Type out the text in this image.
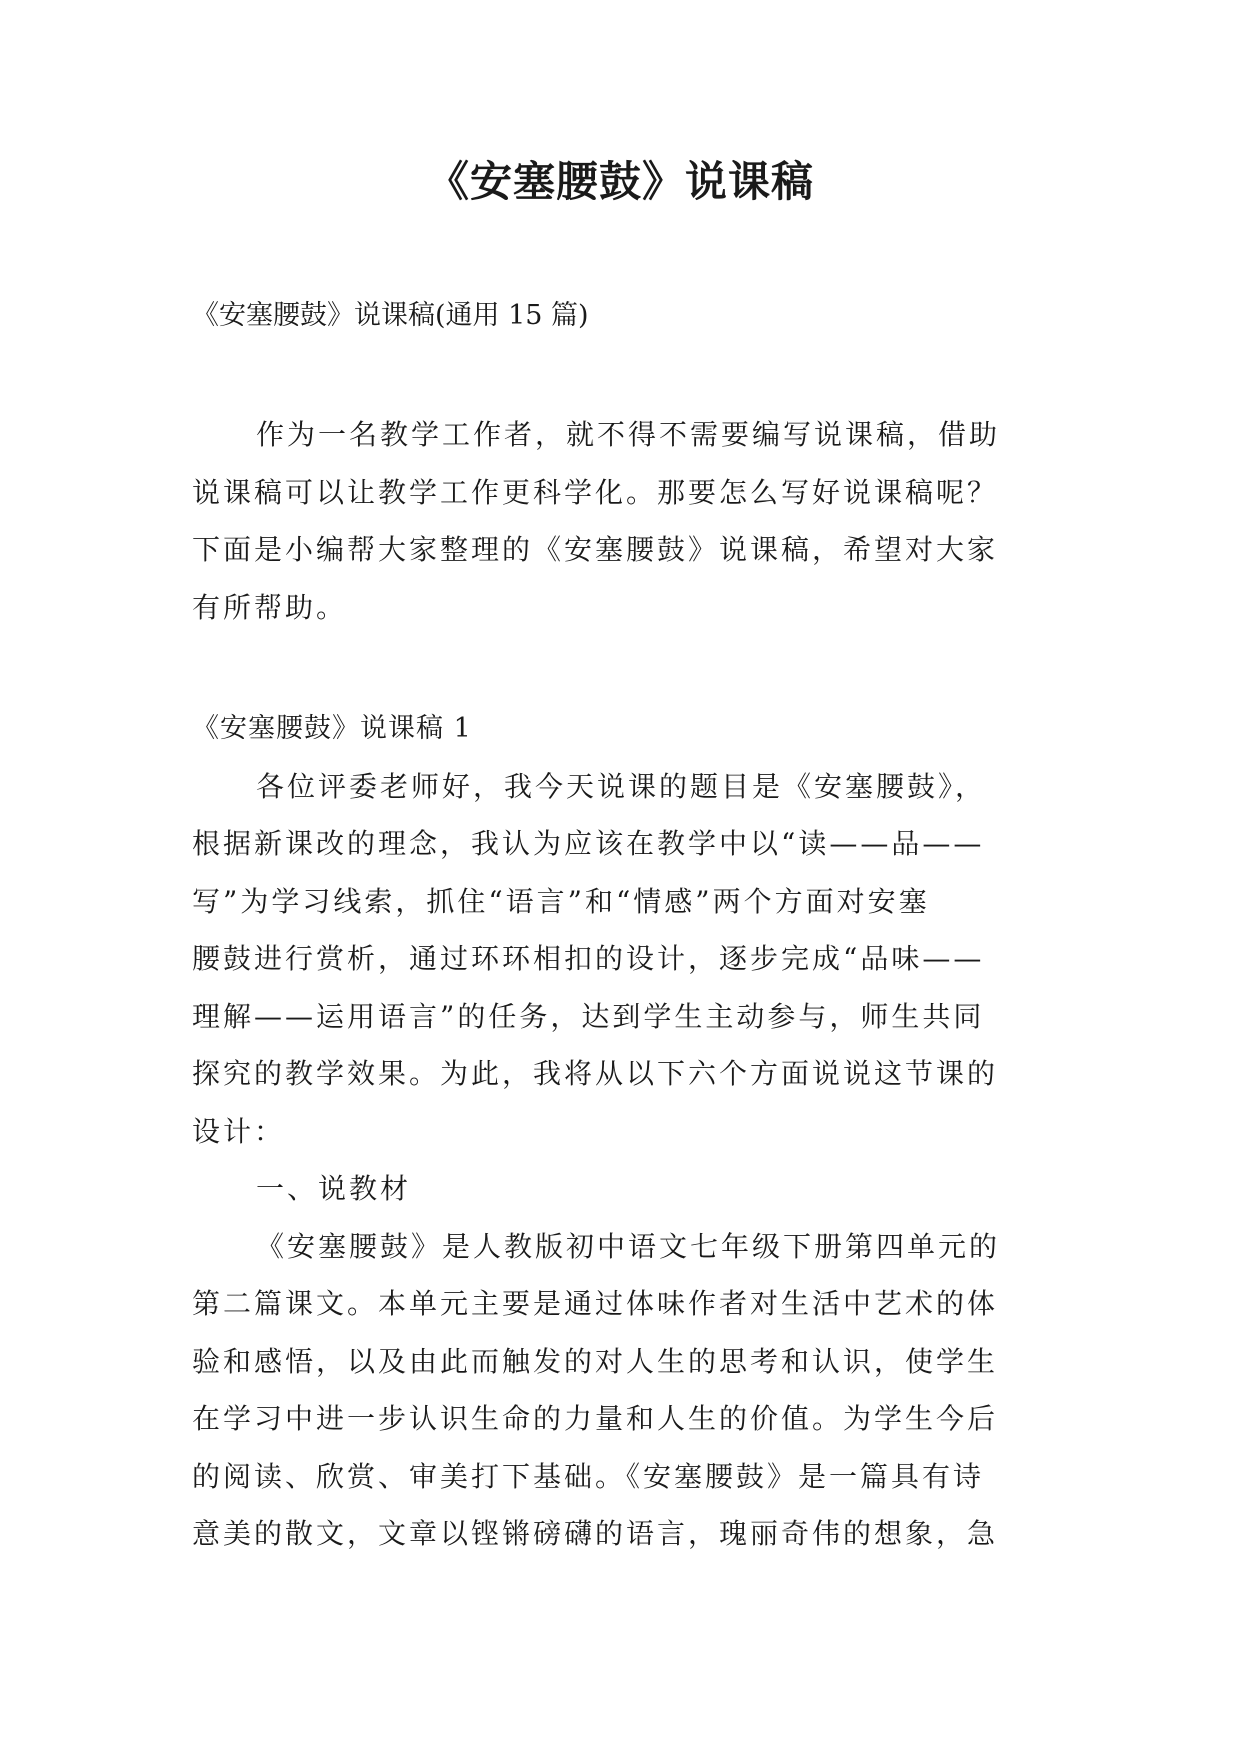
《安塞腰鼓》说课稿

《安塞腰鼓》说课稿(通用 15 篇)

作为一名教学工作者，就不得不需要编写说课稿，借助
说课稿可以让教学工作更科学化。那要怎么写好说课稿呢？
下面是小编帮大家整理的《安塞腰鼓》说课稿，希望对大家
有所帮助。
《安塞腰鼓》说课稿 1
各位评委老师好，我今天说课的题目是《安塞腰鼓》，
根据新课改的理念，我认为应该在教学中以“读——品——
写”为学习线索，抓住“语言”和“情感”两个方面对安塞
腰鼓进行赏析，通过环环相扣的设计，逐步完成“品味——
理解——运用语言”的任务，达到学生主动参与，师生共同
探究的教学效果。为此，我将从以下六个方面说说这节课的
设计：
一、说教材
《安塞腰鼓》是人教版初中语文七年级下册第四单元的
第二篇课文。本单元主要是通过体味作者对生活中艺术的体
验和感悟，以及由此而触发的对人生的思考和认识，使学生
在学习中进一步认识生命的力量和人生的价值。为学生今后
的阅读、欣赏、审美打下基础。《安塞腰鼓》是一篇具有诗
意美的散文，文章以铿锵磅礴的语言，瑰丽奇伟的想象，急
